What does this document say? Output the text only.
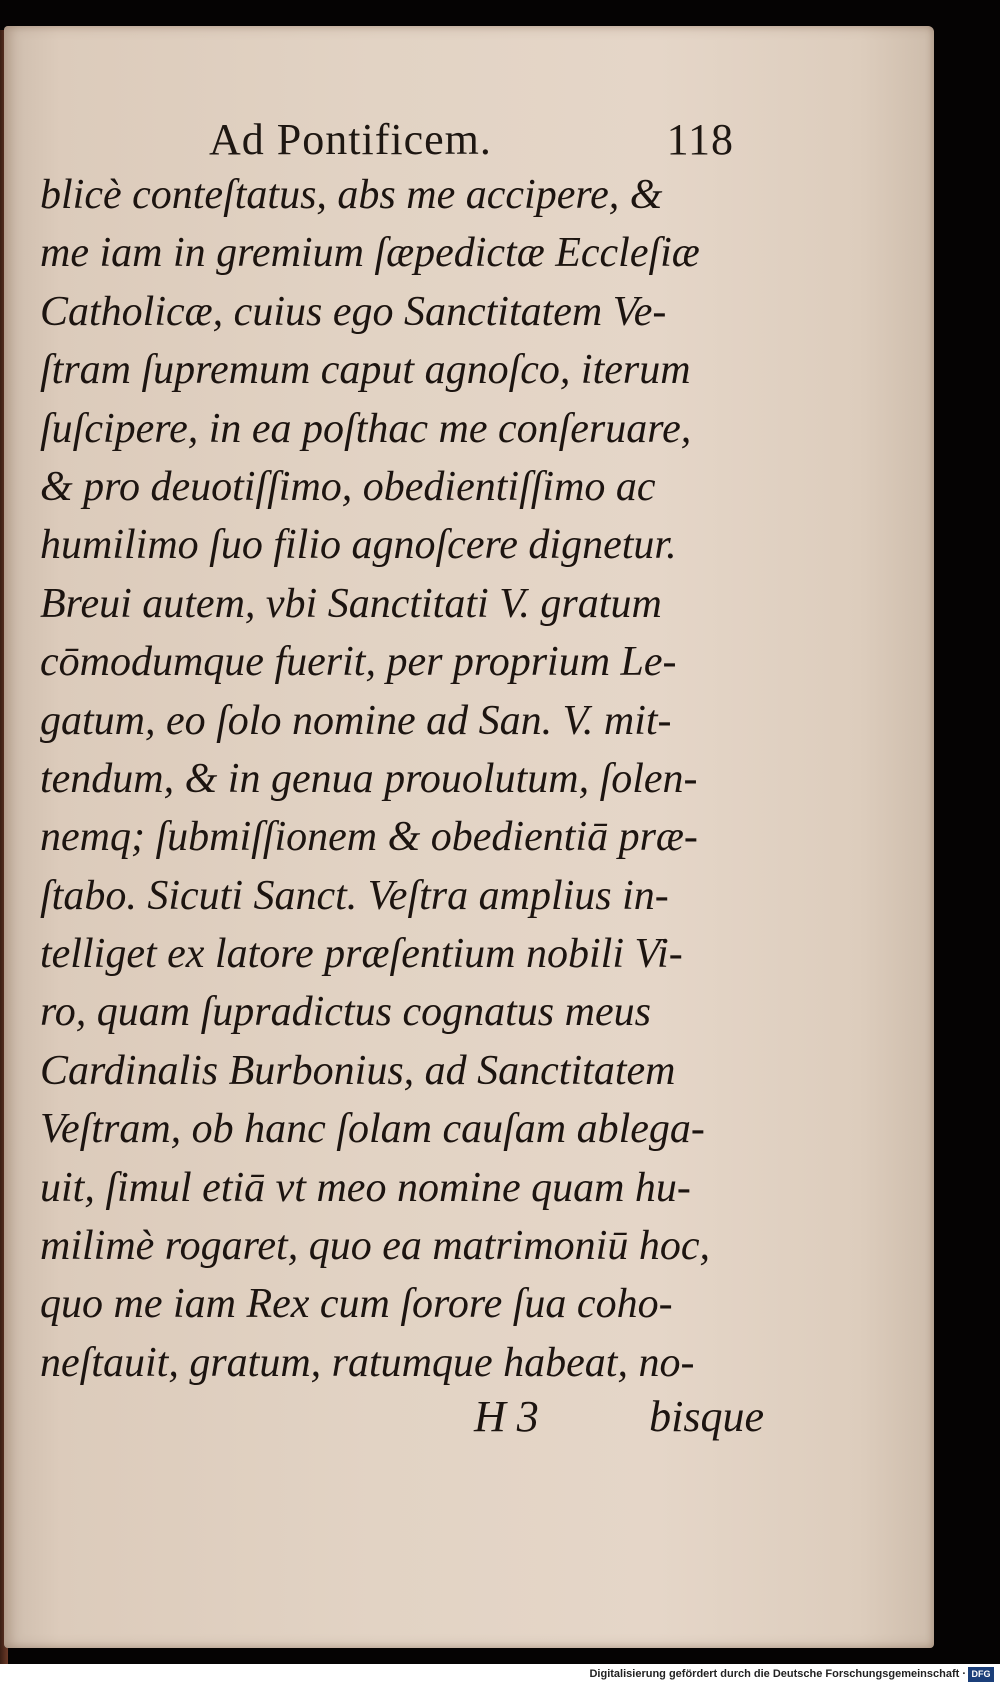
Ad Pontificem.	118
blicè conteſtatus, abs me accipere, &
me iam in gremium ſæpedictæ Eccleſiæ
Catholicæ, cuius ego Sanctitatem Ve-
ſtram ſupremum caput agnoſco, iterum
ſuſcipere, in ea poſthac me conſeruare,
& pro deuotiſſimo, obedientiſſimo ac
humilimo ſuo filio agnoſcere dignetur.
Breui autem, vbi Sanctitati V. gratum
cōmodumque fuerit, per proprium Le-
gatum, eo ſolo nomine ad San. V. mit-
tendum, & in genua prouolutum, ſolen-
nemq; ſubmiſſionem & obedientiā præ-
ſtabo. Sicuti Sanct. Veſtra amplius in-
telliget ex latore præſentium nobili Vi-
ro, quam ſupradictus cognatus meus
Cardinalis Burbonius, ad Sanctitatem
Veſtram, ob hanc ſolam cauſam ablega-
uit, ſimul etiā vt meo nomine quam hu-
milimè rogaret, quo ea matrimoniū hoc,
quo me iam Rex cum ſorore ſua coho-
neſtauit, gratum, ratumque habeat, no-
H 3	bisque
Digitalisierung gefördert durch die Deutsche Forschungsgemeinschaft · DFG
